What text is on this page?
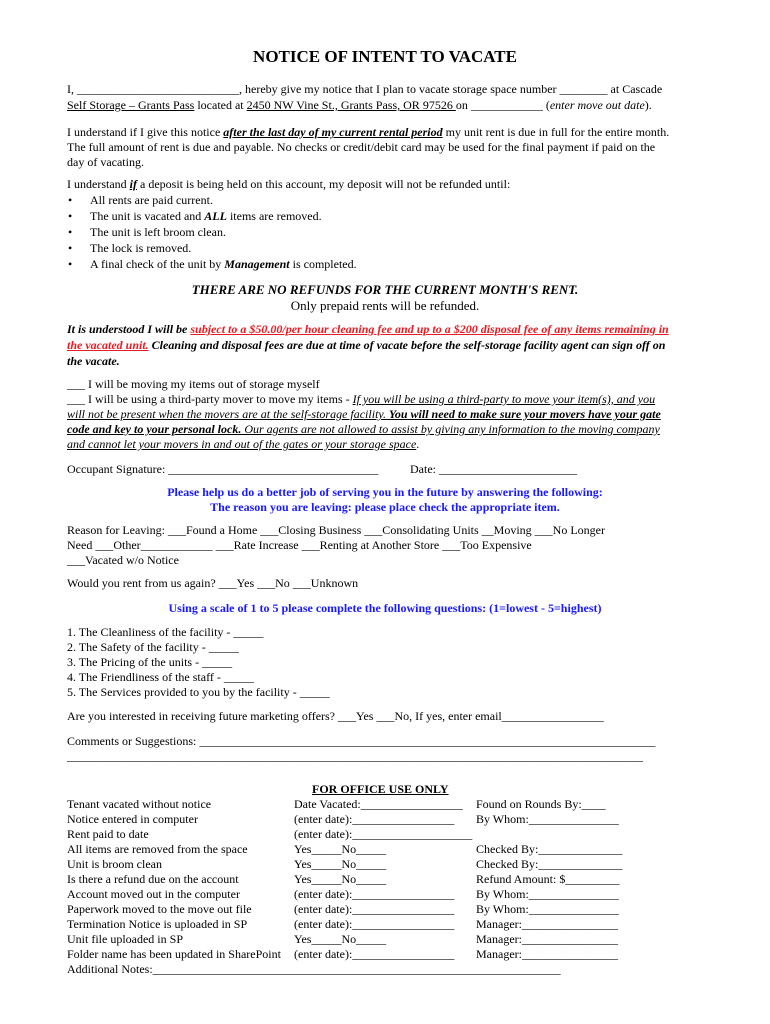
NOTICE OF INTENT TO VACATE
I, ___________________________, hereby give my notice that I plan to vacate storage space number ________ at Cascade
Self Storage – Grants Pass located at 2450 NW Vine St., Grants Pass, OR 97526 on ____________ (enter move out date).
I understand if I give this notice after the last day of my current rental period my unit rent is due in full for the entire month.
The full amount of rent is due and payable. No checks or credit/debit card may be used for the final payment if paid on the
day of vacating.
I understand if a deposit is being held on this account, my deposit will not be refunded until:
• All rents are paid current.
• The unit is vacated and ALL items are removed.
• The unit is left broom clean.
• The lock is removed.
• A final check of the unit by Management is completed.
THERE ARE NO REFUNDS FOR THE CURRENT MONTH'S RENT.
Only prepaid rents will be refunded.
It is understood I will be subject to a $50.00/per hour cleaning fee and up to a $200 disposal fee of any items remaining in
the vacated unit. Cleaning and disposal fees are due at time of vacate before the self-storage facility agent can sign off on
the vacate.
___ I will be moving my items out of storage myself
___ I will be using a third-party mover to move my items - If you will be using a third-party to move your item(s), and you
will not be present when the movers are at the self-storage facility. You will need to make sure your movers have your gate
code and key to your personal lock. Our agents are not allowed to assist by giving any information to the moving company
and cannot let your movers in and out of the gates or your storage space.
Occupant Signature: ___________________________________	Date: _______________________
Please help us do a better job of serving you in the future by answering the following:
The reason you are leaving: please place check the appropriate item.
Reason for Leaving: ___Found a Home ___Closing Business ___Consolidating Units __Moving ___No Longer
Need ___Other____________ ___Rate Increase ___Renting at Another Store ___Too Expensive
___Vacated w/o Notice
Would you rent from us again? ___Yes ___No ___Unknown
Using a scale of 1 to 5 please complete the following questions: (1=lowest - 5=highest)
1. The Cleanliness of the facility - _____
2. The Safety of the facility - _____
3. The Pricing of the units - _____
4. The Friendliness of the staff - _____
5. The Services provided to you by the facility - _____
Are you interested in receiving future marketing offers? ___Yes ___No, If yes, enter email_________________
Comments or Suggestions: ____________________________________________________________________________
________________________________________________________________________________________________
FOR OFFICE USE ONLY
Tenant vacated without notice	Date Vacated:_________________ Found on Rounds By:____
Notice entered in computer	(enter date):_________________ By Whom:_______________
Rent paid to date	(enter date):____________________
All items are removed from the space	Yes_____No_____	Checked By:______________
Unit is broom clean	Yes_____No_____	Checked By:______________
Is there a refund due on the account	Yes_____No_____	Refund Amount: $_________
Account moved out in the computer	(enter date):_________________ By Whom:_______________
Paperwork moved to the move out file	(enter date):_________________ By Whom:_______________
Termination Notice is uploaded in SP	(enter date):_________________ Manager:________________
Unit file uploaded in SP	Yes_____No_____	Manager:________________
Folder name has been updated in SharePoint (enter date):_________________ Manager:________________
Additional Notes:____________________________________________________________________
